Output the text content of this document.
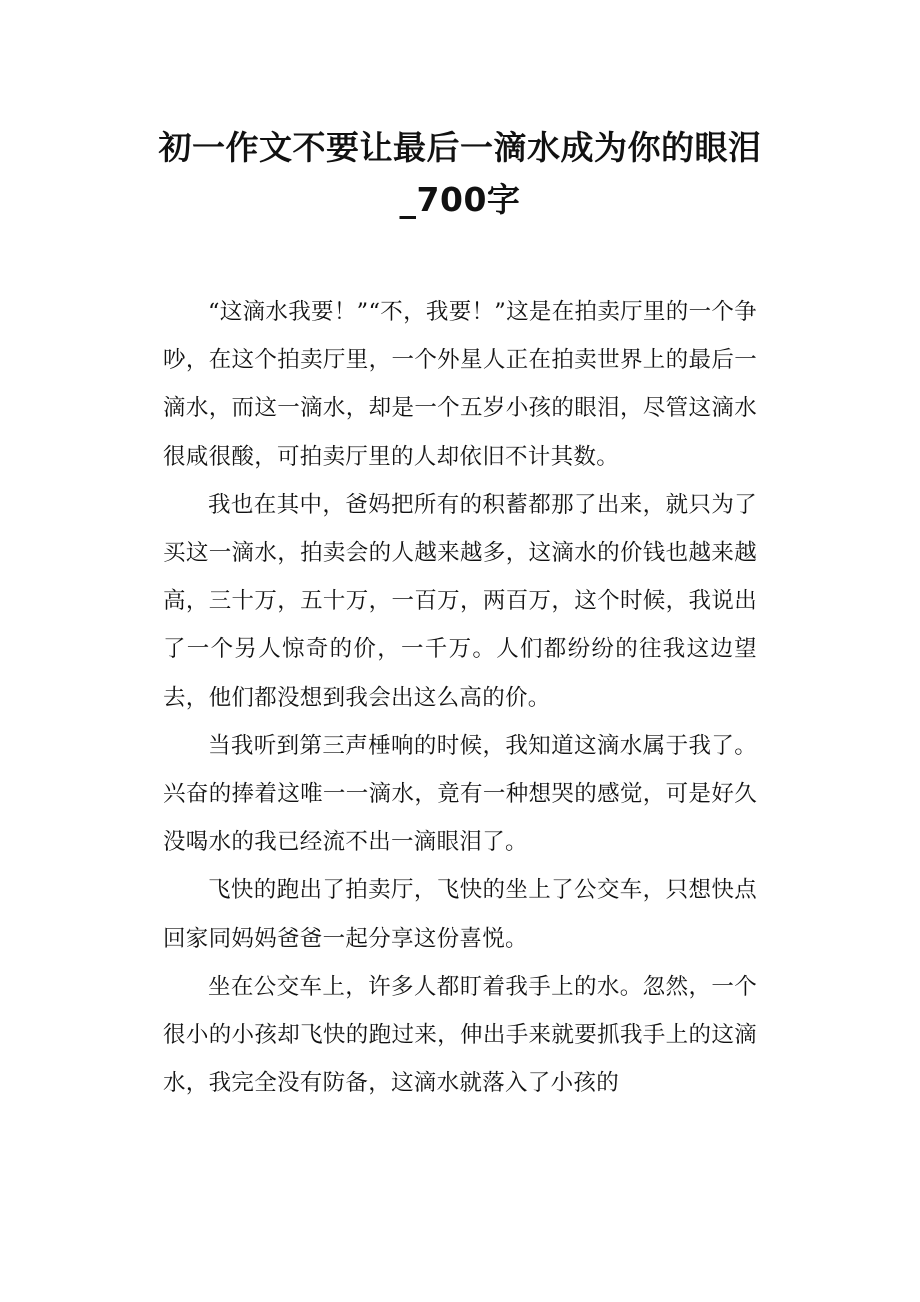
初一作文不要让最后一滴水成为你的眼泪_700字

“这滴水我要！”“不，我要！”这是在拍卖厅里的一个争吵，在这个拍卖厅里，一个外星人正在拍卖世界上的最后一滴水，而这一滴水，却是一个五岁小孩的眼泪，尽管这滴水很咸很酸，可拍卖厅里的人却依旧不计其数。

我也在其中，爸妈把所有的积蓄都那了出来，就只为了买这一滴水，拍卖会的人越来越多，这滴水的价钱也越来越高，三十万，五十万，一百万，两百万，这个时候，我说出了一个另人惊奇的价，一千万。人们都纷纷的往我这边望去，他们都没想到我会出这么高的价。

当我听到第三声棰响的时候，我知道这滴水属于我了。兴奋的捧着这唯一一滴水，竟有一种想哭的感觉，可是好久没喝水的我已经流不出一滴眼泪了。

飞快的跑出了拍卖厅，飞快的坐上了公交车，只想快点回家同妈妈爸爸一起分享这份喜悦。

坐在公交车上，许多人都盯着我手上的水。忽然，一个很小的小孩却飞快的跑过来，伸出手来就要抓我手上的这滴水，我完全没有防备，这滴水就落入了小孩的
